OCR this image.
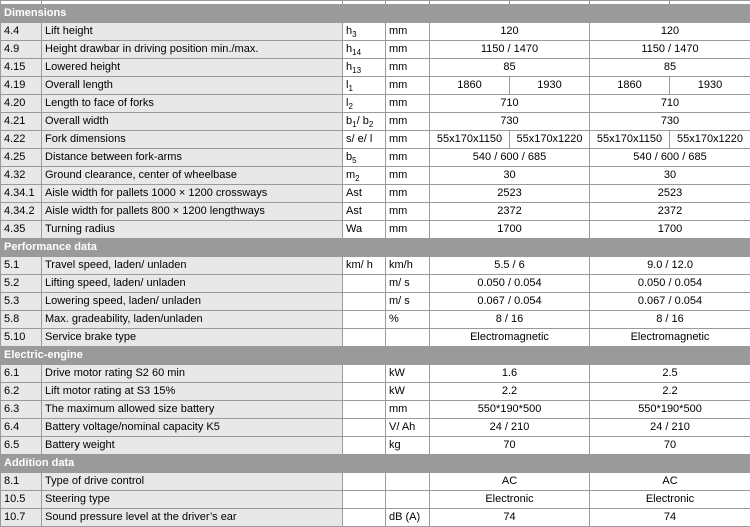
Dimensions							
4.4	Lift height	$h_3$	mm	120		120	
4.9	Height drawbar in driving position min./max.	$h_{14}$	mm	1150 / 1470		1150 / 1470	
4.15	Lowered height	$h_{13}$	mm	85		85	
4.19	Overall length	$l_1$	mm	1860	1930	1860	1930
4.20	Length to face of forks	$l_2$	mm	710		710	
4.21	Overall width	$b_1/$ $b_2$	mm	730		730	
4.22	Fork dimensions	s/ e/ l	mm	55x170x1150	55x170x1220	55x170x1150	55x170x1220
4.25	Distance between fork-arms	$b_5$	mm	540 / 600 / 685		540 / 600 / 685	
4.32	Ground clearance, center of wheelbase	$m_2$	mm	30		30	
4.34.1	Aisle width for pallets 1000 × 1200 crossways	Ast	mm	2523		2523	
4.34.2	Aisle width for pallets 800 × 1200 lengthways	Ast	mm	2372		2372	
4.35	Turning radius	Wa	mm	1700		1700	
Performance data							
5.1	Travel speed, laden/ unladen	km/ h	km/h	5.5 / 6		9.0 / 12.0	
5.2	Lifting speed, laden/ unladen		m/ s	0.050 / 0.054		0.050 / 0.054	
5.3	Lowering speed, laden/ unladen		m/ s	0.067 / 0.054		0.067 / 0.054	
5.8	Max. gradeability, laden/unladen		%	8 / 16		8 / 16	
5.10	Service brake type			Electromagnetic		Electromagnetic	
Electric-engine							
6.1	Drive motor rating S2 60 min		kW	1.6		2.5	
6.2	Lift motor rating at S3 15%		kW	2.2		2.2	
6.3	The maximum allowed size battery		mm	550*190*500		550*190*500	
6.4	Battery voltage/nominal capacity K5		V/ Ah	24 / 210		24 / 210	
6.5	Battery weight		kg	70		70	
Addition data							
8.1	Type of drive control			AC		AC	
10.5	Steering type			Electronic		Electronic	
10.7	Sound pressure level at the driver’s ear		dB (A)	74		74	
